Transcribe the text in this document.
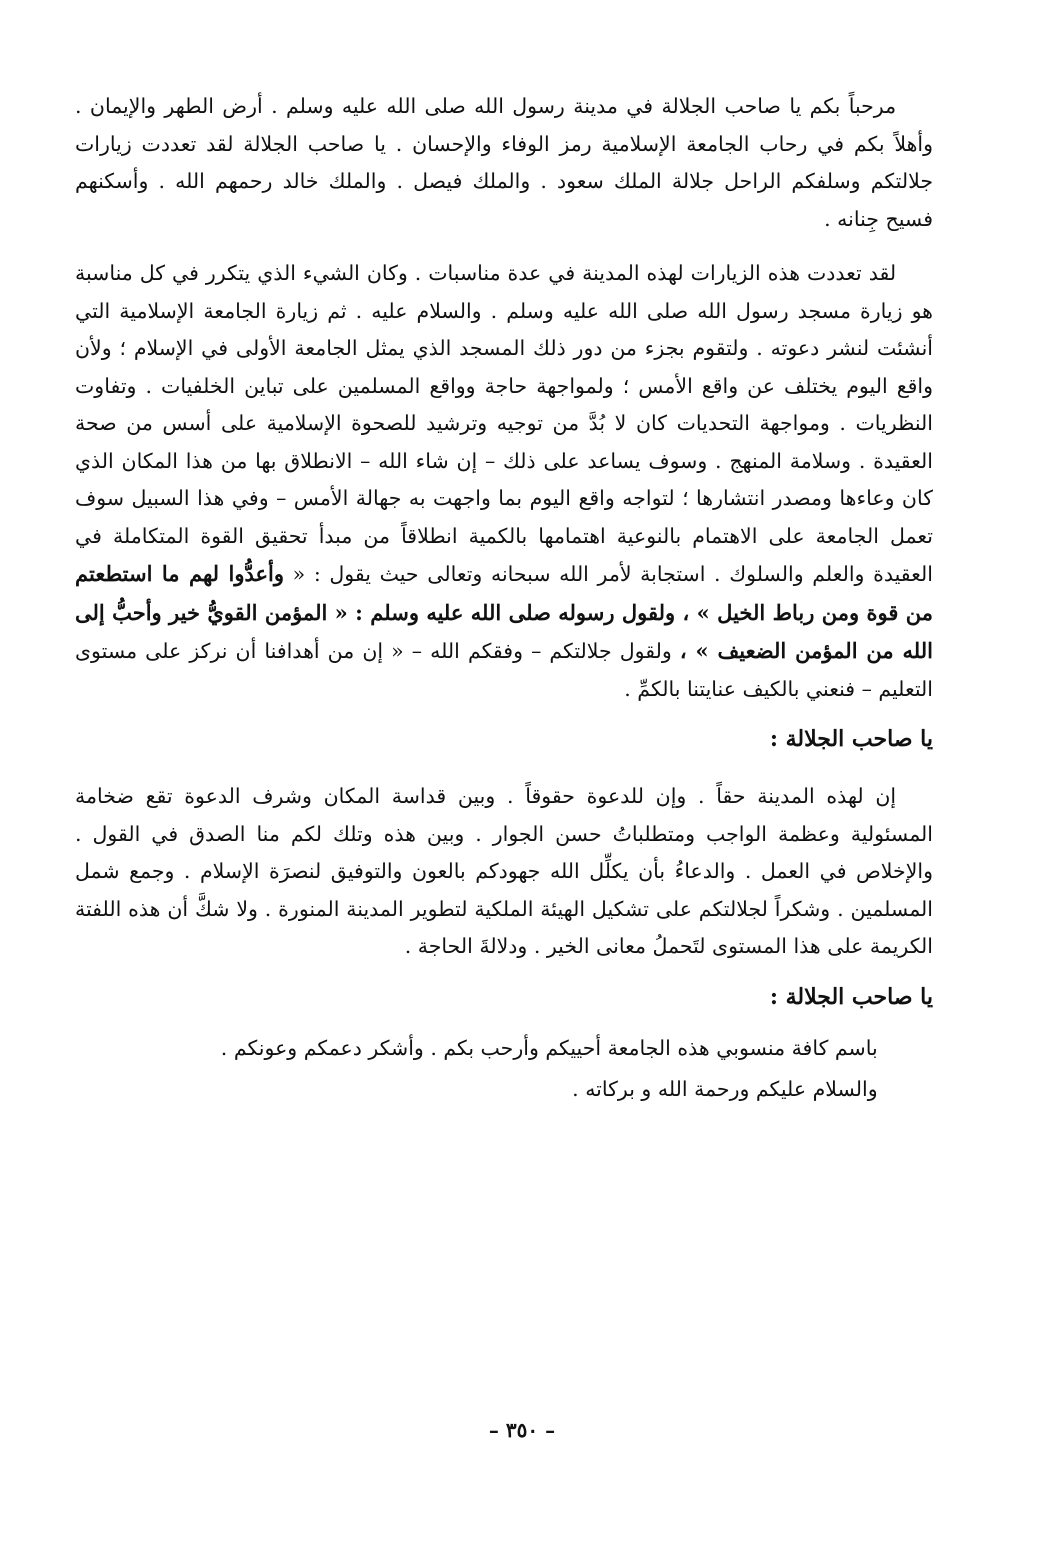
مرحباً بكم يا صاحب الجلالة في مدينة رسول الله صلى الله عليه وسلم . أرض الطهر والإيمان . وأهلاً بكم في رحاب الجامعة الإسلامية رمز الوفاء والإحسان . يا صاحب الجلالة لقد تعددت زيارات جلالتكم وسلفكم الراحل جلالة الملك سعود . والملك فيصل . والملك خالد رحمهم الله . وأسكنهم فسيح جِنانه .

لقد تعددت هذه الزيارات لهذه المدينة في عدة مناسبات . وكان الشيء الذي يتكرر في كل مناسبة هو زيارة مسجد رسول الله صلى الله عليه وسلم . والسلام عليه . ثم زيارة الجامعة الإسلامية التي أنشئت لنشر دعوته . ولتقوم بجزء من دور ذلك المسجد الذي يمثل الجامعة الأولى في الإسلام ؛ ولأن واقع اليوم يختلف عن واقع الأمس ؛ ولمواجهة حاجة وواقع المسلمين على تباين الخلفيات . وتفاوت النظريات . ومواجهة التحديات كان لا بُدَّ من توجيه وترشيد للصحوة الإسلامية على أسس من صحة العقيدة . وسلامة المنهج . وسوف يساعد على ذلك – إن شاء الله – الانطلاق بها من هذا المكان الذي كان وعاءها ومصدر انتشارها ؛ لتواجه واقع اليوم بما واجهت به جهالة الأمس – وفي هذا السبيل سوف تعمل الجامعة على الاهتمام بالنوعية اهتمامها بالكمية انطلاقاً من مبدأ تحقيق القوة المتكاملة في العقيدة والعلم والسلوك . استجابة لأمر الله سبحانه وتعالى حيث يقول : « وأعدُّوا لهم ما استطعتم من قوة ومن رباط الخيل » ، ولقول رسوله صلى الله عليه وسلم : « المؤمن القويُّ خير وأحبُّ إلى الله من المؤمن الضعيف » ، ولقول جلالتكم – وفقكم الله – « إن من أهدافنا أن نركز على مستوى التعليم – فنعني بالكيف عنايتنا بالكمِّ .

يا صاحب الجلالة :

إن لهذه المدينة حقاً . وإن للدعوة حقوقاً . وبين قداسة المكان وشرف الدعوة تقع ضخامة المسئولية وعظمة الواجب ومتطلباتُ حسن الجوار . وبين هذه وتلك لكم منا الصدق في القول . والإخلاص في العمل . والدعاءُ بأن يكلِّل الله جهودكم بالعون والتوفيق لنصرَة الإسلام . وجمع شمل المسلمين . وشكراً لجلالتكم على تشكيل الهيئة الملكية لتطوير المدينة المنورة . ولا شكَّ أن هذه اللفتة الكريمة على هذا المستوى لتَحملُ معانى الخير . ودلالةَ الحاجة .

يا صاحب الجلالة :

باسم كافة منسوبي هذه الجامعة أحييكم وأرحب بكم . وأشكر دعمكم وعونكم .

والسلام عليكم ورحمة الله و بركاته .

– ٣٥٠ –
